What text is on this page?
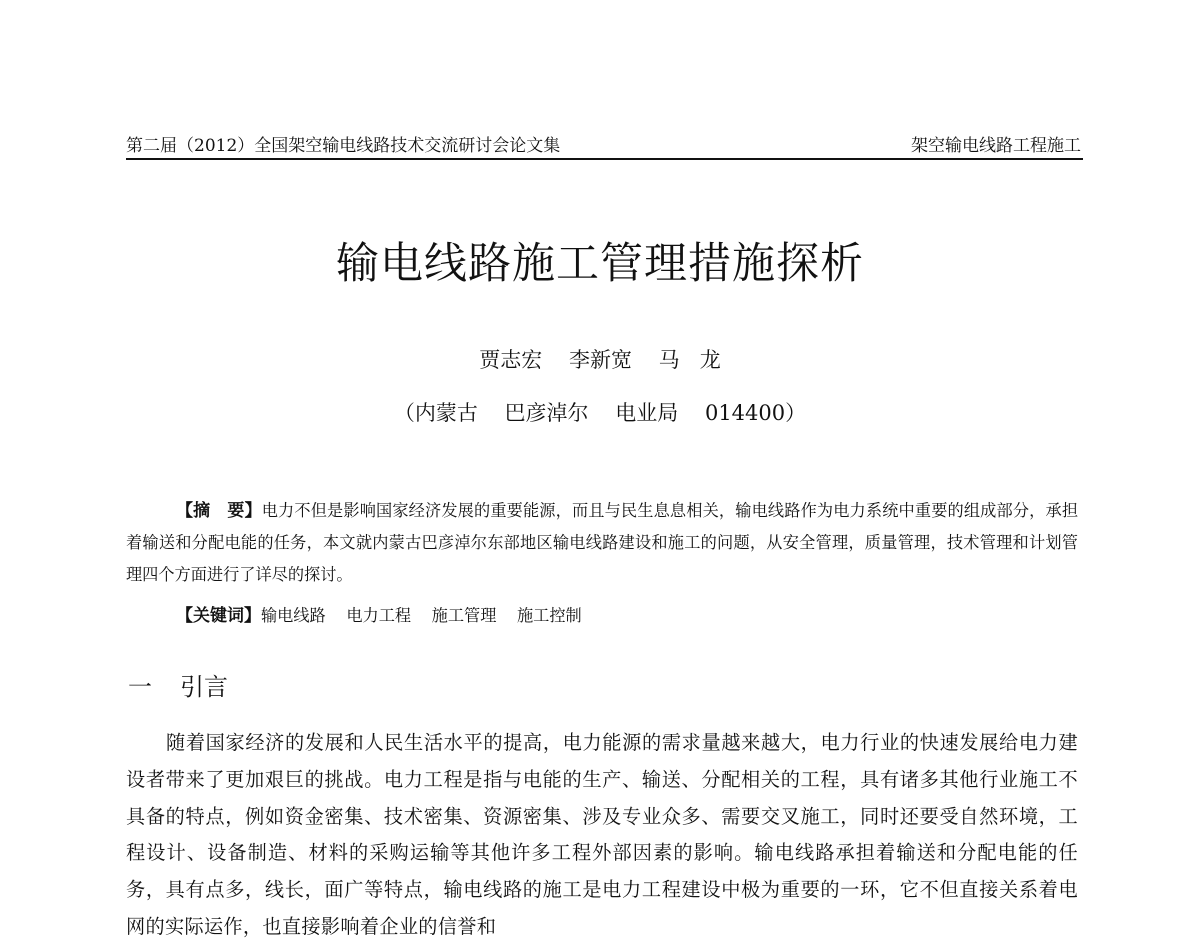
第二届（2012）全国架空输电线路技术交流研讨会论文集	架空输电线路工程施工
输电线路施工管理措施探析
贾志宏    李新宽    马   龙
（内蒙古    巴彦淖尔    电业局    014400）

【摘　要】电力不但是影响国家经济发展的重要能源，而且与民生息息相关，输电线路作为电力系统中重要的组成部分，承担着输送和分配电能的任务，本文就内蒙古巴彦淖尔东部地区输电线路建设和施工的问题，从安全管理，质量管理，技术管理和计划管理四个方面进行了详尽的探讨。

【关键词】输电线路    电力工程    施工管理    施工控制
一 引言

随着国家经济的发展和人民生活水平的提高，电力能源的需求量越来越大，电力行业的快速发展给电力建设者带来了更加艰巨的挑战。电力工程是指与电能的生产、输送、分配相关的工程，具有诸多其他行业施工不具备的特点，例如资金密集、技术密集、资源密集、涉及专业众多、需要交叉施工，同时还要受自然环境，工程设计、设备制造、材料的采购运输等其他许多工程外部因素的影响。输电线路承担着输送和分配电能的任务，具有点多，线长，面广等特点，输电线路的施工是电力工程建设中极为重要的一环，它不但直接关系着电网的实际运作，也直接影响着企业的信誉和
